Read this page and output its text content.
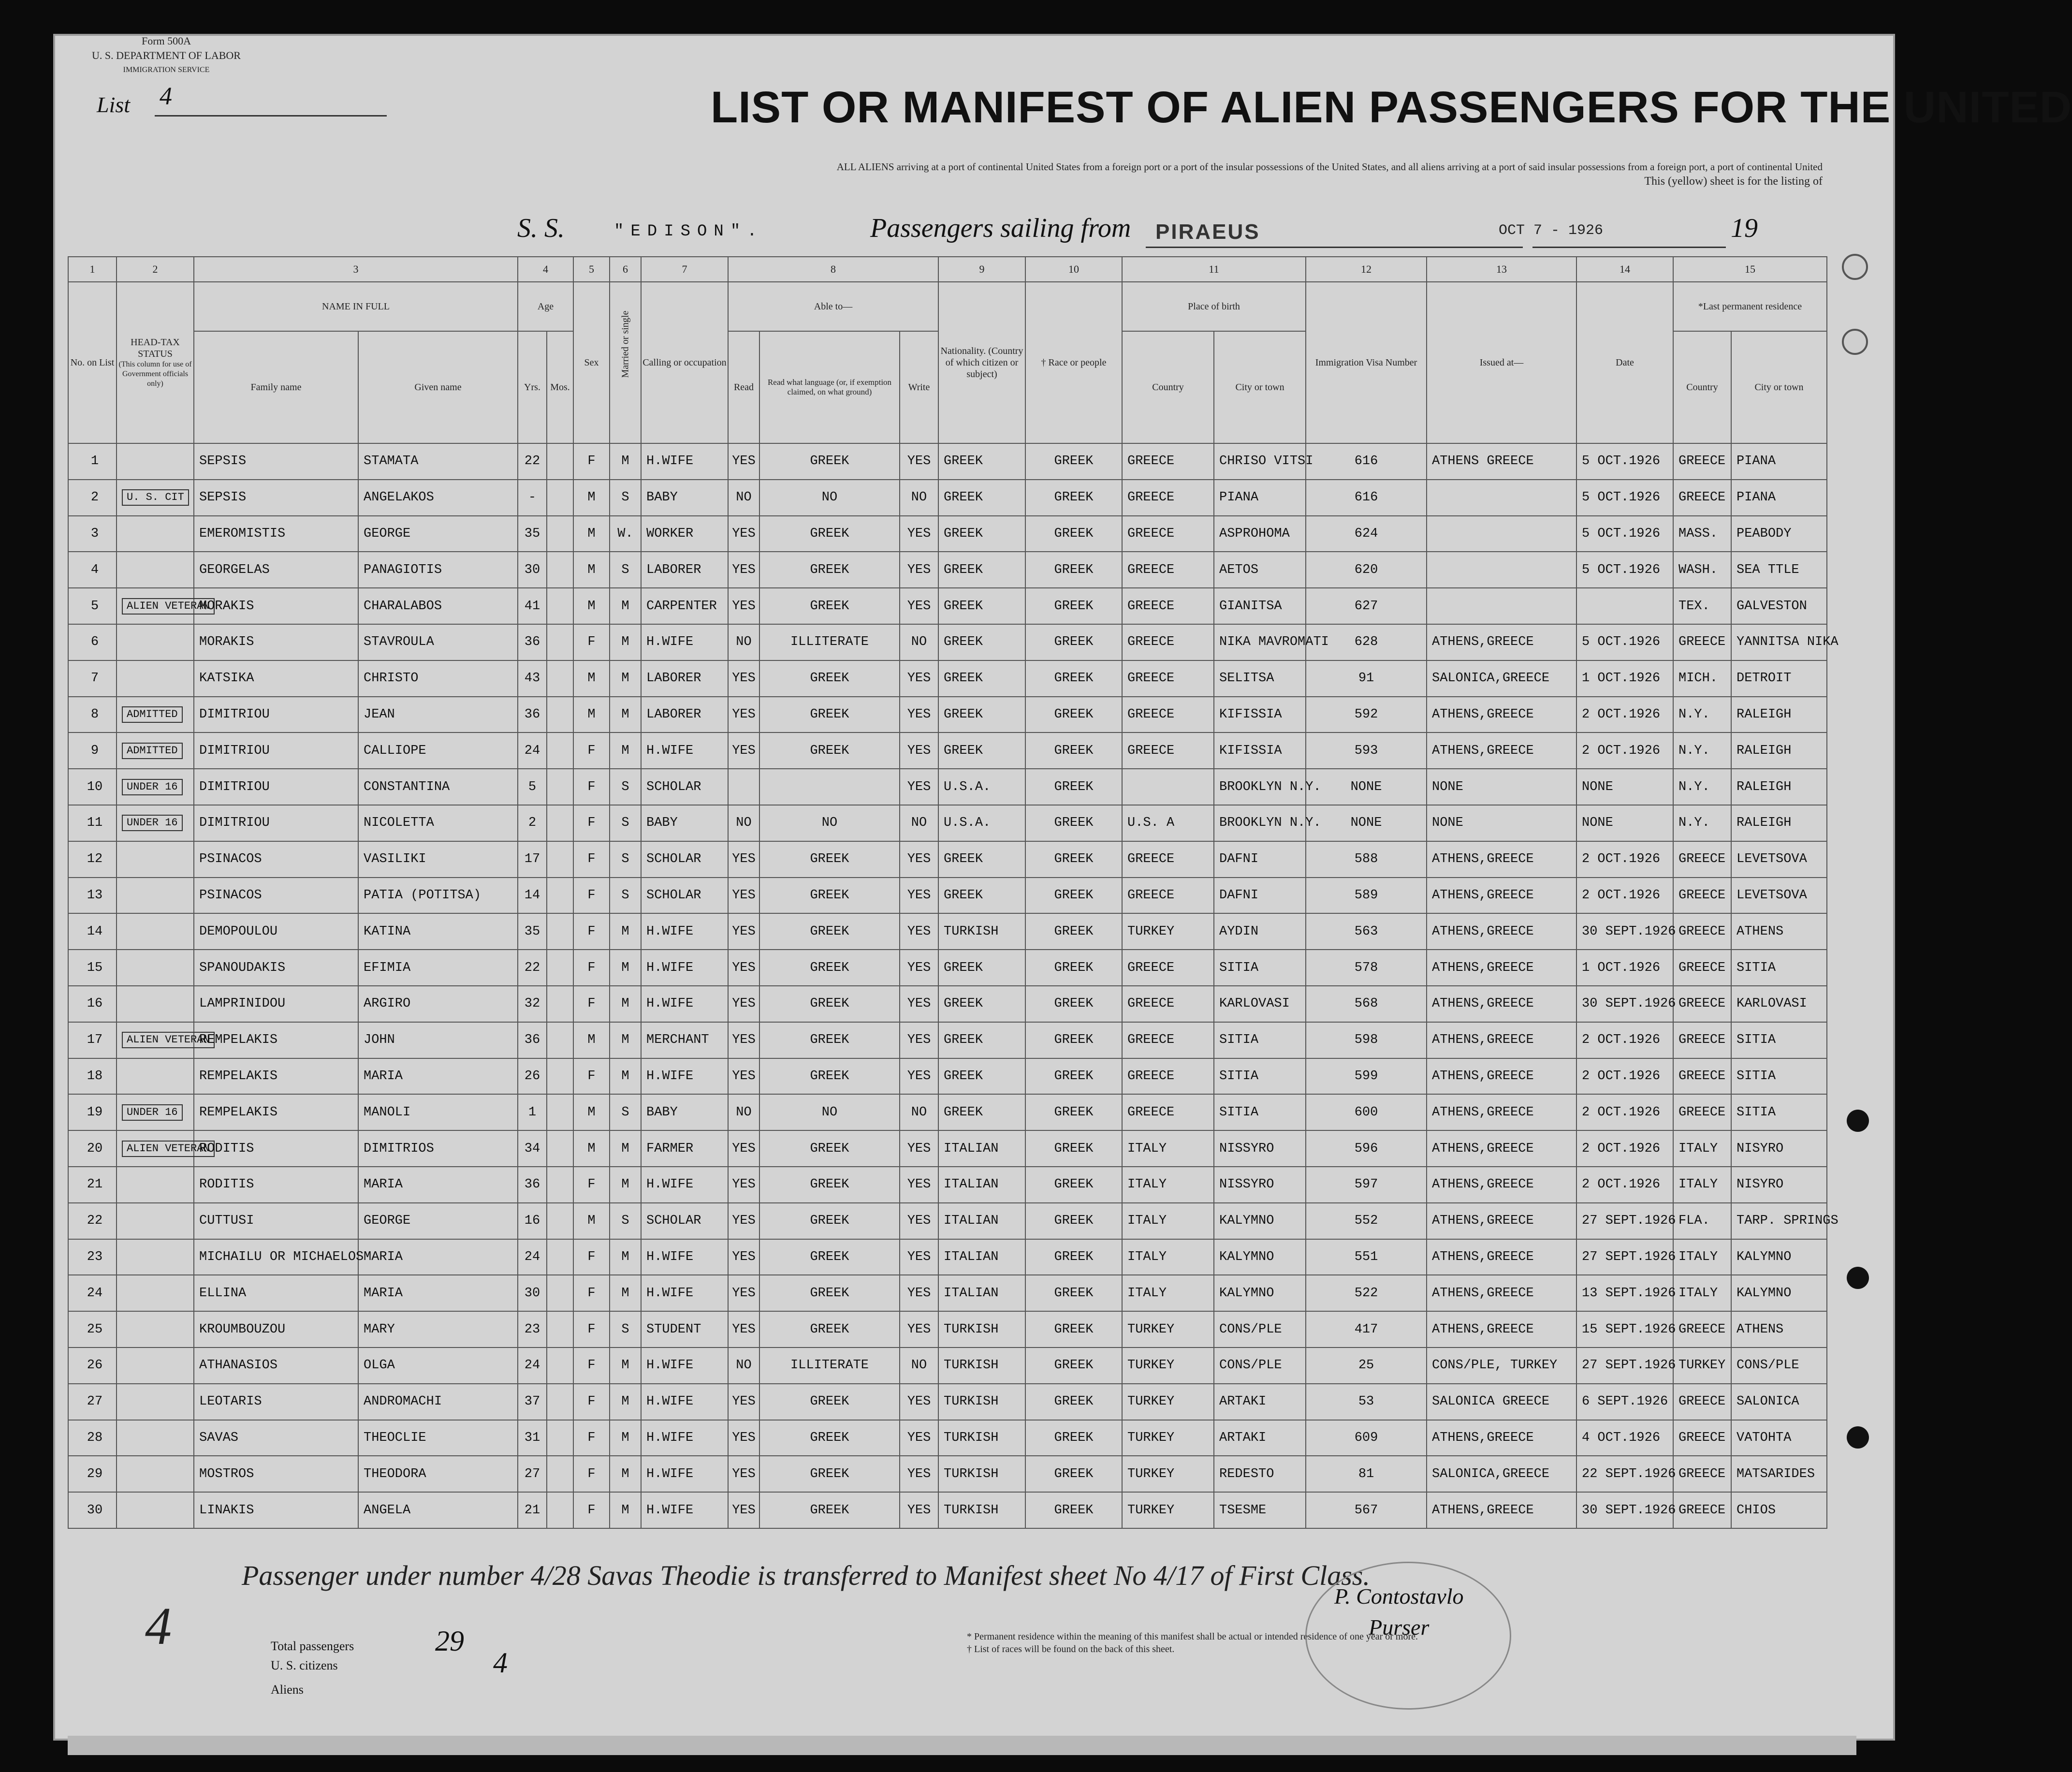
Form 500A
U. S. DEPARTMENT OF LABOR
IMMIGRATION SERVICE
List 4	LIST OR MANIFEST OF ALIEN PASSENGERS FOR THE UNITED
ALL ALIENS arriving at a port of continental United States from a foreign port or a port of the insular possessions of the United States, and all aliens arriving at a port of said insular possessions from a foreign port, a port of continental United
This (yellow) sheet is for the listing of
S. S.	"EDISON".	Passengers sailing from PIRAEUS	OCT 7 - 1926	19
1	2	3		4		5	6	7	8			9	10	11		12	13	14	15	
No. on List	HEAD-TAX STATUS
(This column for use of Government officials only)	NAME IN FULL		Age		Sex	Married or single	Calling or occupation	Able to—			Nationality. (Country of which citizen or subject)	† Race or people	Place of birth		Immigration Visa Number	Issued at—	Date	*Last permanent residence	
		Family name	Given name	Yrs.	Mos.				Read	Read what language (or, if exemption claimed, on what ground)	Write			Country	City or town				Country	City or town
1		SEPSIS	STAMATA	22		F	M	H.WIFE	YES	GREEK	YES	GREEK	GREEK	GREECE	CHRISO VITSI	616	ATHENS GREECE	5 OCT.1926	GREECE	PIANA
2	U. S. CIT	SEPSIS	ANGELAKOS	-		M	S	BABY	NO	NO	NO	GREEK	GREEK	GREECE	PIANA	616		5 OCT.1926	GREECE	PIANA
3		EMEROMISTIS	GEORGE	35		M	W.	WORKER	YES	GREEK	YES	GREEK	GREEK	GREECE	ASPROHOMA	624		5 OCT.1926	MASS.	PEABODY
4		GEORGELAS	PANAGIOTIS	30		M	S	LABORER	YES	GREEK	YES	GREEK	GREEK	GREECE	AETOS	620		5 OCT.1926	WASH.	SEA TTLE
5	ALIEN VETERAN	MORAKIS	CHARALABOS	41		M	M	CARPENTER	YES	GREEK	YES	GREEK	GREEK	GREECE	GIANITSA	627			TEX.	GALVESTON
6		MORAKIS	STAVROULA	36		F	M	H.WIFE	NO	ILLITERATE	NO	GREEK	GREEK	GREECE	NIKA MAVROMATI	628	ATHENS,GREECE	5 OCT.1926	GREECE	YANNITSA NIKA
7		KATSIKA	CHRISTO	43		M	M	LABORER	YES	GREEK	YES	GREEK	GREEK	GREECE	SELITSA	91	SALONICA,GREECE	1 OCT.1926	MICH.	DETROIT
8	ADMITTED	DIMITRIOU	JEAN	36		M	M	LABORER	YES	GREEK	YES	GREEK	GREEK	GREECE	KIFISSIA	592	ATHENS,GREECE	2 OCT.1926	N.Y.	RALEIGH
9	ADMITTED	DIMITRIOU	CALLIOPE	24		F	M	H.WIFE	YES	GREEK	YES	GREEK	GREEK	GREECE	KIFISSIA	593	ATHENS,GREECE	2 OCT.1926	N.Y.	RALEIGH
10	UNDER 16	DIMITRIOU	CONSTANTINA	5		F	S	SCHOLAR			YES	U.S.A.	GREEK		BROOKLYN N.Y.	NONE	NONE	NONE	N.Y.	RALEIGH
11	UNDER 16	DIMITRIOU	NICOLETTA	2		F	S	BABY	NO	NO	NO	U.S.A.	GREEK	U.S. A	BROOKLYN N.Y.	NONE	NONE	NONE	N.Y.	RALEIGH
12		PSINACOS	VASILIKI	17		F	S	SCHOLAR	YES	GREEK	YES	GREEK	GREEK	GREECE	DAFNI	588	ATHENS,GREECE	2 OCT.1926	GREECE	LEVETSOVA
13		PSINACOS	PATIA (POTITSA)	14		F	S	SCHOLAR	YES	GREEK	YES	GREEK	GREEK	GREECE	DAFNI	589	ATHENS,GREECE	2 OCT.1926	GREECE	LEVETSOVA
14		DEMOPOULOU	KATINA	35		F	M	H.WIFE	YES	GREEK	YES	TURKISH	GREEK	TURKEY	AYDIN	563	ATHENS,GREECE	30 SEPT.1926	GREECE	ATHENS
15		SPANOUDAKIS	EFIMIA	22		F	M	H.WIFE	YES	GREEK	YES	GREEK	GREEK	GREECE	SITIA	578	ATHENS,GREECE	1 OCT.1926	GREECE	SITIA
16		LAMPRINIDOU	ARGIRO	32		F	M	H.WIFE	YES	GREEK	YES	GREEK	GREEK	GREECE	KARLOVASI	568	ATHENS,GREECE	30 SEPT.1926	GREECE	KARLOVASI
17	ALIEN VETERAN	REMPELAKIS	JOHN	36		M	M	MERCHANT	YES	GREEK	YES	GREEK	GREEK	GREECE	SITIA	598	ATHENS,GREECE	2 OCT.1926	GREECE	SITIA
18		REMPELAKIS	MARIA	26		F	M	H.WIFE	YES	GREEK	YES	GREEK	GREEK	GREECE	SITIA	599	ATHENS,GREECE	2 OCT.1926	GREECE	SITIA
19	UNDER 16	REMPELAKIS	MANOLI	1		M	S	BABY	NO	NO	NO	GREEK	GREEK	GREECE	SITIA	600	ATHENS,GREECE	2 OCT.1926	GREECE	SITIA
20	ALIEN VETERAN	RODITIS	DIMITRIOS	34		M	M	FARMER	YES	GREEK	YES	ITALIAN	GREEK	ITALY	NISSYRO	596	ATHENS,GREECE	2 OCT.1926	ITALY	NISYRO
21		RODITIS	MARIA	36		F	M	H.WIFE	YES	GREEK	YES	ITALIAN	GREEK	ITALY	NISSYRO	597	ATHENS,GREECE	2 OCT.1926	ITALY	NISYRO
22		CUTTUSI	GEORGE	16		M	S	SCHOLAR	YES	GREEK	YES	ITALIAN	GREEK	ITALY	KALYMNO	552	ATHENS,GREECE	27 SEPT.1926	FLA.	TARP. SPRINGS
23		MICHAILU OR MICHAELOS	MARIA	24		F	M	H.WIFE	YES	GREEK	YES	ITALIAN	GREEK	ITALY	KALYMNO	551	ATHENS,GREECE	27 SEPT.1926	ITALY	KALYMNO
24		ELLINA	MARIA	30		F	M	H.WIFE	YES	GREEK	YES	ITALIAN	GREEK	ITALY	KALYMNO	522	ATHENS,GREECE	13 SEPT.1926	ITALY	KALYMNO
25		KROUMBOUZOU	MARY	23		F	S	STUDENT	YES	GREEK	YES	TURKISH	GREEK	TURKEY	CONS/PLE	417	ATHENS,GREECE	15 SEPT.1926	GREECE	ATHENS
26		ATHANASIOS	OLGA	24		F	M	H.WIFE	NO	ILLITERATE	NO	TURKISH	GREEK	TURKEY	CONS/PLE	25	CONS/PLE, TURKEY	27 SEPT.1926	TURKEY	CONS/PLE
27		LEOTARIS	ANDROMACHI	37		F	M	H.WIFE	YES	GREEK	YES	TURKISH	GREEK	TURKEY	ARTAKI	53	SALONICA GREECE	6 SEPT.1926	GREECE	SALONICA
28		SAVAS	THEOCLIE	31		F	M	H.WIFE	YES	GREEK	YES	TURKISH	GREEK	TURKEY	ARTAKI	609	ATHENS,GREECE	4 OCT.1926	GREECE	VATOHTA
29		MOSTROS	THEODORA	27		F	M	H.WIFE	YES	GREEK	YES	TURKISH	GREEK	TURKEY	REDESTO	81	SALONICA,GREECE	22 SEPT.1926	GREECE	MATSARIDES
30		LINAKIS	ANGELA	21		F	M	H.WIFE	YES	GREEK	YES	TURKISH	GREEK	TURKEY	TSESME	567	ATHENS,GREECE	30 SEPT.1926	GREECE	CHIOS
Passenger under number 4/28 Savas Theodie is transferred to Manifest sheet No 4/17 of First Class.
4	Total passengers	29
U. S. citizens	4
Aliens
* Permanent residence within the meaning of this manifest shall be actual or intended residence of one year or more.
† List of races will be found on the back of this sheet.
P. Contostavlo
Purser
